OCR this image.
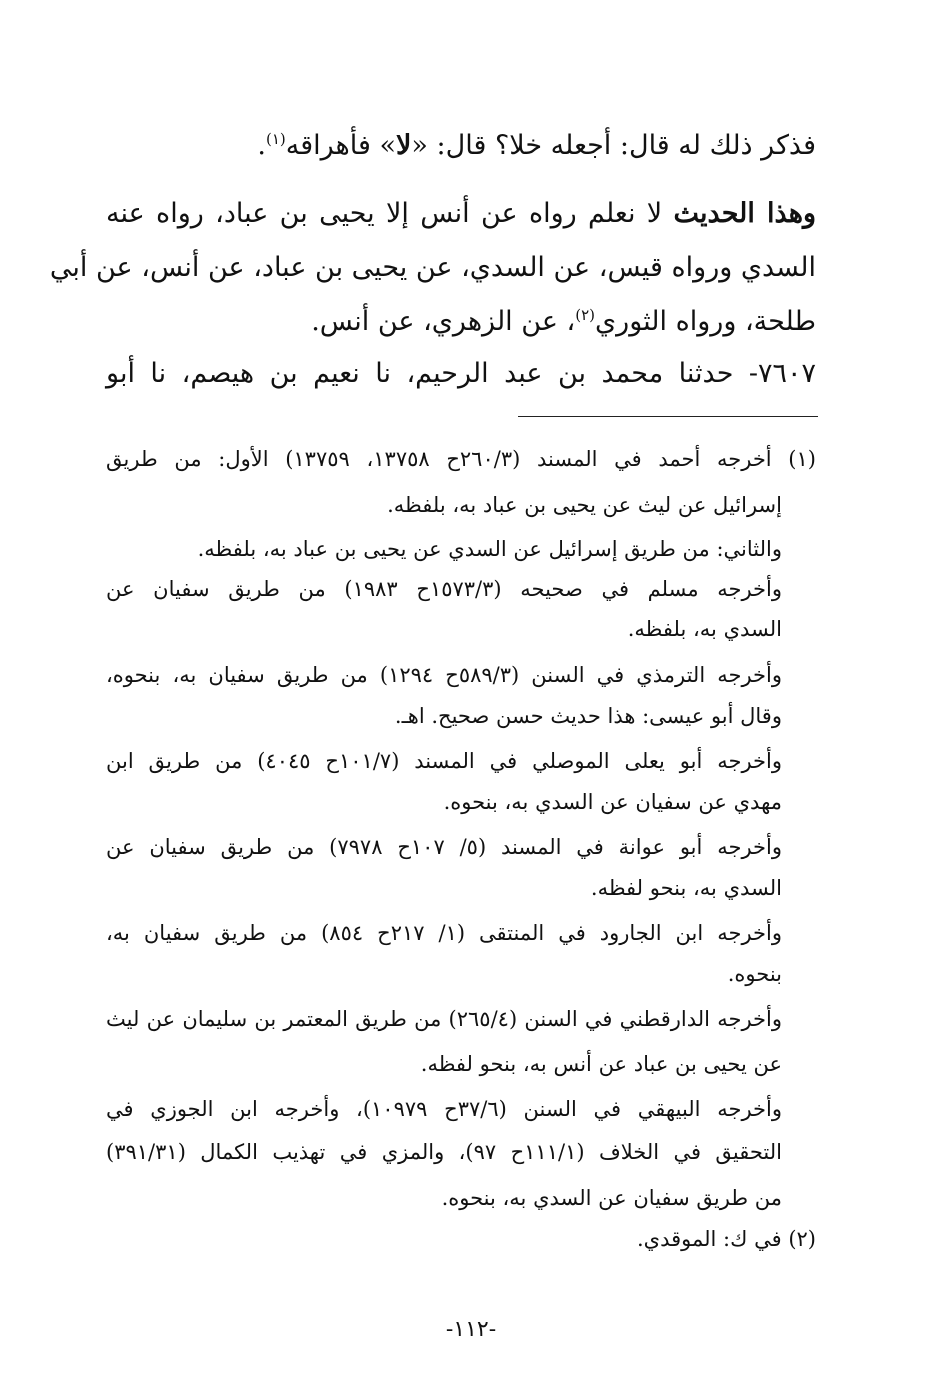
فذكر ذلك له قال: أجعله خلا؟ قال: «لا» فأهراقه$^{(١)}$.
وهذا الحديث لا نعلم رواه عن أنس إلا يحيى بن عباد، رواه عنه
السدي ورواه قيس، عن السدي، عن يحيى بن عباد، عن أنس، عن أبي
طلحة، ورواه الثوري$^{(٢)}$، عن الزهري، عن أنس.
٧٦٠٧- حدثنا محمد بن عبد الرحيم، نا نعيم بن هيصم، نا أبو
(١) أخرجه أحمد في المسند (٢٦٠/٣ح ١٣٧٥٨، ١٣٧٥٩) الأول: من طريق
إسرائيل عن ليث عن يحيى بن عباد به، بلفظه.
والثاني: من طريق إسرائيل عن السدي عن يحيى بن عباد به، بلفظه.
وأخرجه مسلم في صحيحه (١٥٧٣/٣ح ١٩٨٣) من طريق سفيان عن
السدي به، بلفظه.
وأخرجه الترمذي في السنن (٥٨٩/٣ح ١٢٩٤) من طريق سفيان به، بنحوه،
وقال أبو عيسى: هذا حديث حسن صحيح. اهـ.
وأخرجه أبو يعلى الموصلي في المسند (١٠١/٧ح ٤٠٤٥) من طريق ابن
مهدي عن سفيان عن السدي به، بنحوه.
وأخرجه أبو عوانة في المسند (٥/ ١٠٧ح ٧٩٧٨) من طريق سفيان عن
السدي به، بنحو لفظه.
وأخرجه ابن الجارود في المنتقى (١/ ٢١٧ح ٨٥٤) من طريق سفيان به،
بنحوه.
وأخرجه الدارقطني في السنن (٢٦٥/٤) من طريق المعتمر بن سليمان عن ليث
عن يحيى بن عباد عن أنس به، بنحو لفظه.
وأخرجه البيهقي في السنن (٣٧/٦ح ١٠٩٧٩)، وأخرجه ابن الجوزي في
التحقيق في الخلاف (١١١/١ح ٩٧)، والمزي في تهذيب الكمال (٣٩١/٣١)
من طريق سفيان عن السدي به، بنحوه.
(٢) في ك: الموقدي.
-١١٢-
